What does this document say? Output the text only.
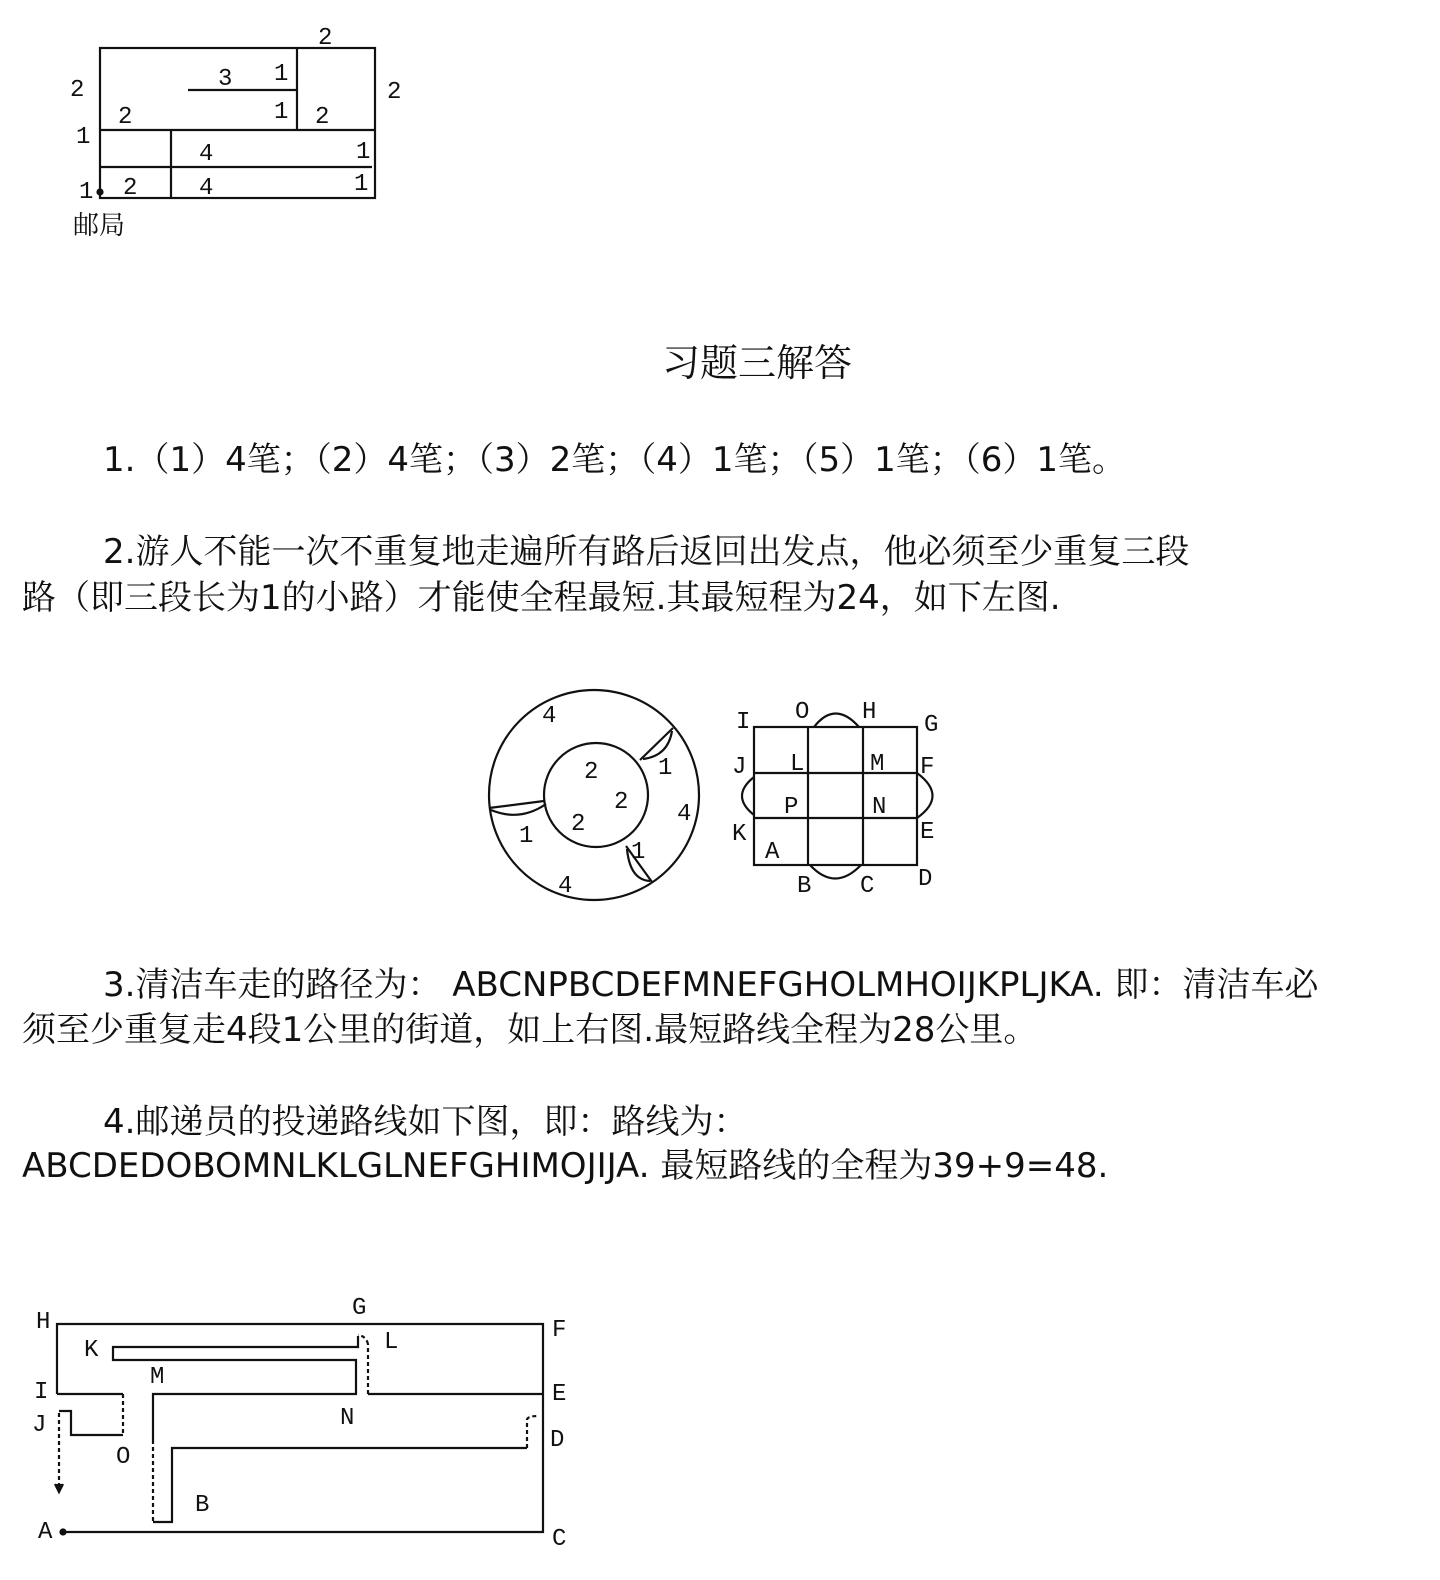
2
2	2
3 1
1
2	2
1
4	1
4	1
2
1
邮局
习题三解答
1.（1）4笔；（2）4笔；（3）2笔；（4）1笔；（5）1笔；（6）1笔。
2.游人不能一次不重复地走遍所有路后返回出发点，他必须至少重复三段
路（即三段长为1的小路）才能使全程最短.其最短程为24，如下左图.
4
2 1
2 4
2
1
1
4
I O H G
J L	M F
P	N
K	E
A
B C D
3.清洁车走的路径为： ABCNPBCDEFMNEFGHOLMHOIJKPLJKA. 即：清洁车必
须至少重复走4段1公里的街道，如上右图.最短路线全程为28公里。
4.邮递员的投递路线如下图，即：路线为：
ABCDEDOBOMNLKLGLNEFGHIMOJIJA. 最短路线的全程为39+9=48.
H
G
F
K	L
M
I	E
J	N
D
O
B
A	C
